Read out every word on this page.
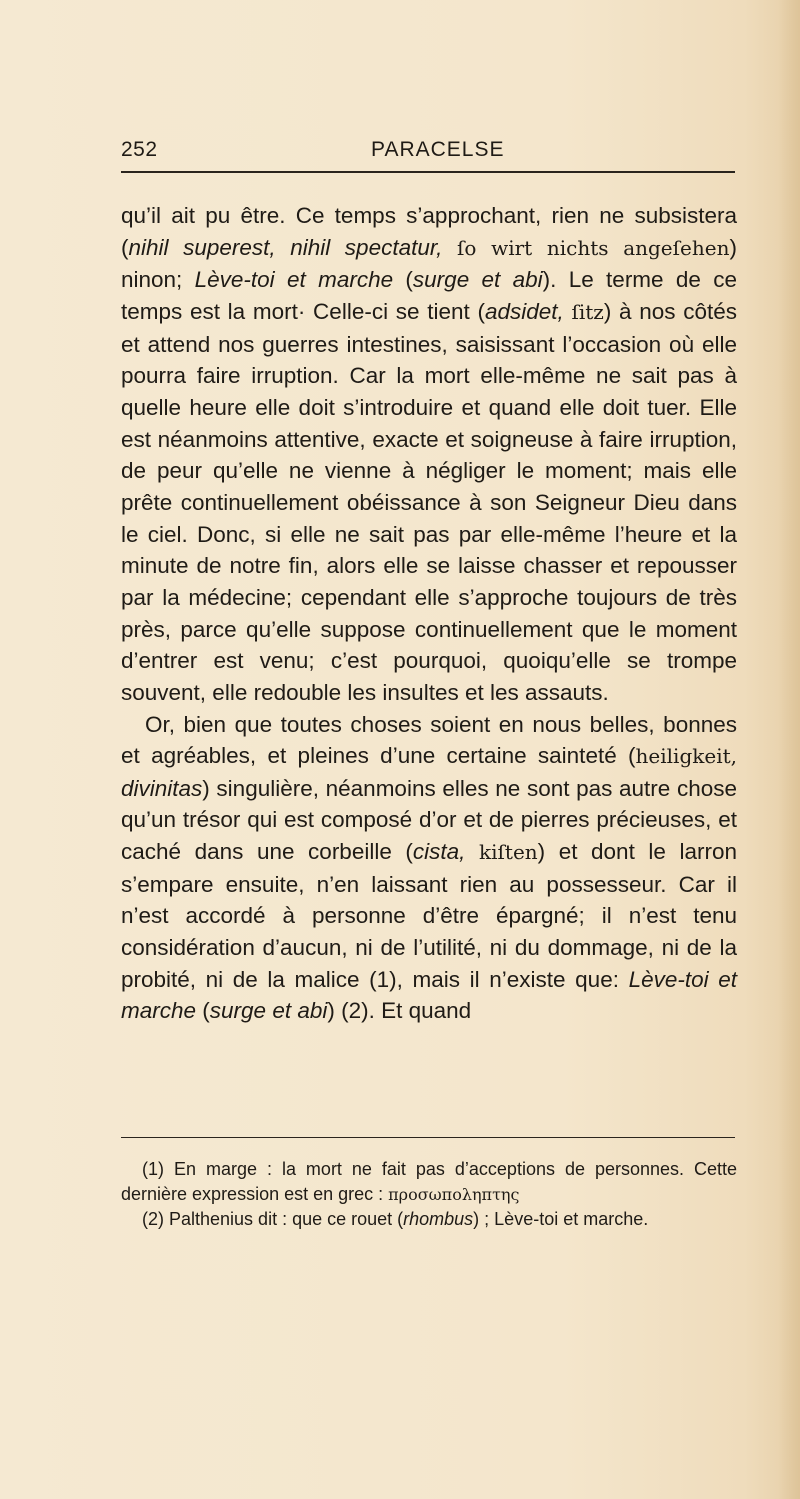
252	PARACELSE

qu’il ait pu être. Ce temps s’approchant, rien ne subsistera (nihil superest, nihil spectatur, ſo wirt nichts angeſehen) ninon; Lève-toi et marche (surge et abi). Le terme de ce temps est la mort· Celle-ci se tient (adsidet, ſitz) à nos côtés et attend nos guerres intestines, saisissant l’occasion où elle pourra faire irruption. Car la mort elle-même ne sait pas à quelle heure elle doit s’introduire et quand elle doit tuer. Elle est néanmoins attentive, exacte et soigneuse à faire irruption, de peur qu’elle ne vienne à négliger le moment; mais elle prête continuellement obéissance à son Seigneur Dieu dans le ciel. Donc, si elle ne sait pas par elle-même l’heure et la minute de notre fin, alors elle se laisse chasser et repousser par la médecine; cependant elle s’approche toujours de très près, parce qu’elle suppose continuellement que le moment d’entrer est venu; c’est pourquoi, quoiqu’elle se trompe souvent, elle redouble les insultes et les assauts.

Or, bien que toutes choses soient en nous belles, bonnes et agréables, et pleines d’une certaine sainteté (heiligkeit, divinitas) singulière, néanmoins elles ne sont pas autre chose qu’un trésor qui est composé d’or et de pierres précieuses, et caché dans une corbeille (cista, kiſten) et dont le larron s’empare ensuite, n’en laissant rien au possesseur. Car il n’est accordé à personne d’être épargné; il n’est tenu considération d’aucun, ni de l’utilité, ni du dommage, ni de la probité, ni de la malice (1), mais il n’existe que: Lève-toi et marche (surge et abi) (2). Et quand

(1) En marge : la mort ne fait pas d’acceptions de personnes. Cette dernière expression est en grec : προσωποληπτης

(2) Palthenius dit : que ce rouet (rhombus) ; Lève-toi et marche.
